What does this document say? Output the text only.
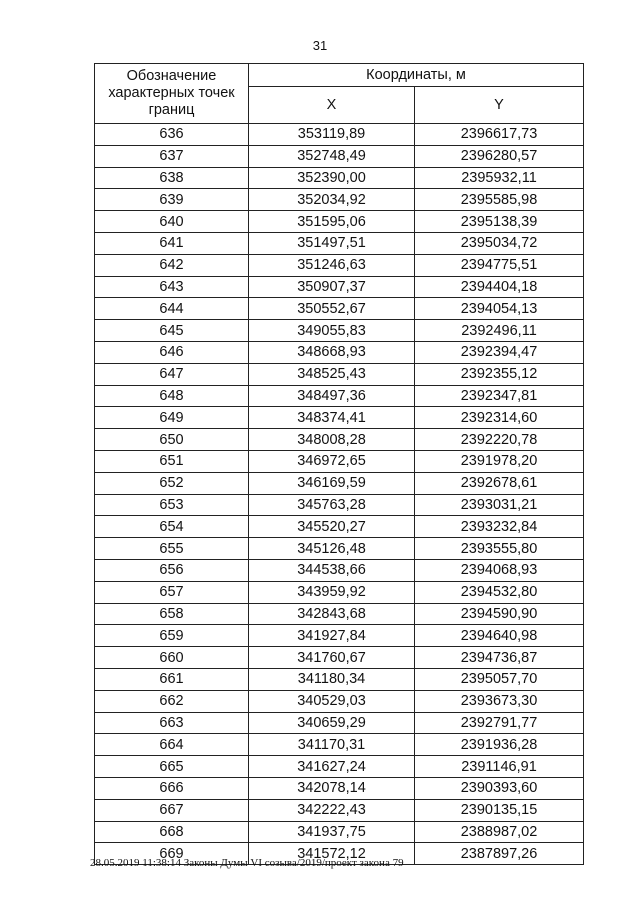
31
Обозначение
характерных точек
границ	Координаты, м	
	X	Y
636	353119,89	2396617,73
637	352748,49	2396280,57
638	352390,00	2395932,11
639	352034,92	2395585,98
640	351595,06	2395138,39
641	351497,51	2395034,72
642	351246,63	2394775,51
643	350907,37	2394404,18
644	350552,67	2394054,13
645	349055,83	2392496,11
646	348668,93	2392394,47
647	348525,43	2392355,12
648	348497,36	2392347,81
649	348374,41	2392314,60
650	348008,28	2392220,78
651	346972,65	2391978,20
652	346169,59	2392678,61
653	345763,28	2393031,21
654	345520,27	2393232,84
655	345126,48	2393555,80
656	344538,66	2394068,93
657	343959,92	2394532,80
658	342843,68	2394590,90
659	341927,84	2394640,98
660	341760,67	2394736,87
661	341180,34	2395057,70
662	340529,03	2393673,30
663	340659,29	2392791,77
664	341170,31	2391936,28
665	341627,24	2391146,91
666	342078,14	2390393,60
667	342222,43	2390135,15
668	341937,75	2388987,02
669	341572,12	2387897,26
28.05.2019 11:38:14 Законы Думы VI созыва/2019/проект закона 79
